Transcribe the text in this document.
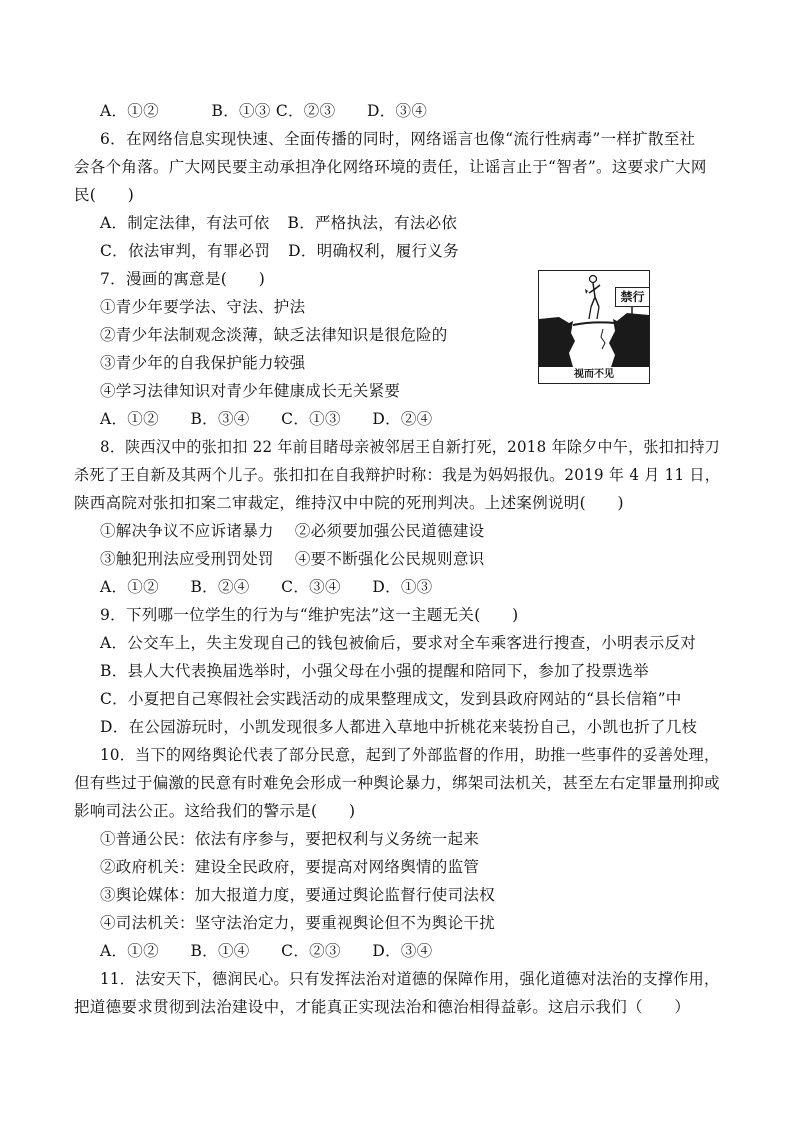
A．①②　　　 B．①③ C．②③　　D．③④
6．在网络信息实现快速、全面传播的同时，网络谣言也像“流行性病毒”一样扩散至社
会各个角落。广大网民要主动承担净化网络环境的责任，让谣言止于“智者”。这要求广大网
民(　　)
A．制定法律，有法可依 B．严格执法，有法必依
C．依法审判，有罪必罚 D．明确权利，履行义务
7．漫画的寓意是(　　)
①青少年要学法、守法、护法
②青少年法制观念淡薄，缺乏法律知识是很危险的
③青少年的自我保护能力较强
④学习法律知识对青少年健康成长无关紧要
A．①②　　B．③④　　C．①③　　D．②④
禁行
视而不见
8．陕西汉中的张扣扣 22 年前目睹母亲被邻居王自新打死，2018 年除夕中午，张扣扣持刀
杀死了王自新及其两个儿子。张扣扣在自我辩护时称：我是为妈妈报仇。2019 年 4 月 11 日，
陕西高院对张扣扣案二审裁定，维持汉中中院的死刑判决。上述案例说明(　　)
①解决争议不应诉诸暴力　 ②必须要加强公民道德建设
③触犯刑法应受刑罚处罚　 ④要不断强化公民规则意识
A．①②　　B．②④　　C．③④　　D．①③
9．下列哪一位学生的行为与“维护宪法”这一主题无关(　　)
A．公交车上，失主发现自己的钱包被偷后，要求对全车乘客进行搜查，小明表示反对
B．县人大代表换届选举时，小强父母在小强的提醒和陪同下，参加了投票选举
C．小夏把自己寒假社会实践活动的成果整理成文，发到县政府网站的“县长信箱”中
D．在公园游玩时，小凯发现很多人都进入草地中折桃花来装扮自己，小凯也折了几枝
10．当下的网络舆论代表了部分民意，起到了外部监督的作用，助推一些事件的妥善处理，
但有些过于偏激的民意有时难免会形成一种舆论暴力，绑架司法机关，甚至左右定罪量刑抑或
影响司法公正。这给我们的警示是(　　)
①普通公民：依法有序参与，要把权利与义务统一起来
②政府机关：建设全民政府，要提高对网络舆情的监管
③舆论媒体：加大报道力度，要通过舆论监督行使司法权
④司法机关：坚守法治定力，要重视舆论但不为舆论干扰
A．①②　　B．①④　　C．②③　　D．③④
11．法安天下，德润民心。只有发挥法治对道德的保障作用，强化道德对法治的支撑作用，
把道德要求贯彻到法治建设中，才能真正实现法治和德治相得益彰。这启示我们（　　）
